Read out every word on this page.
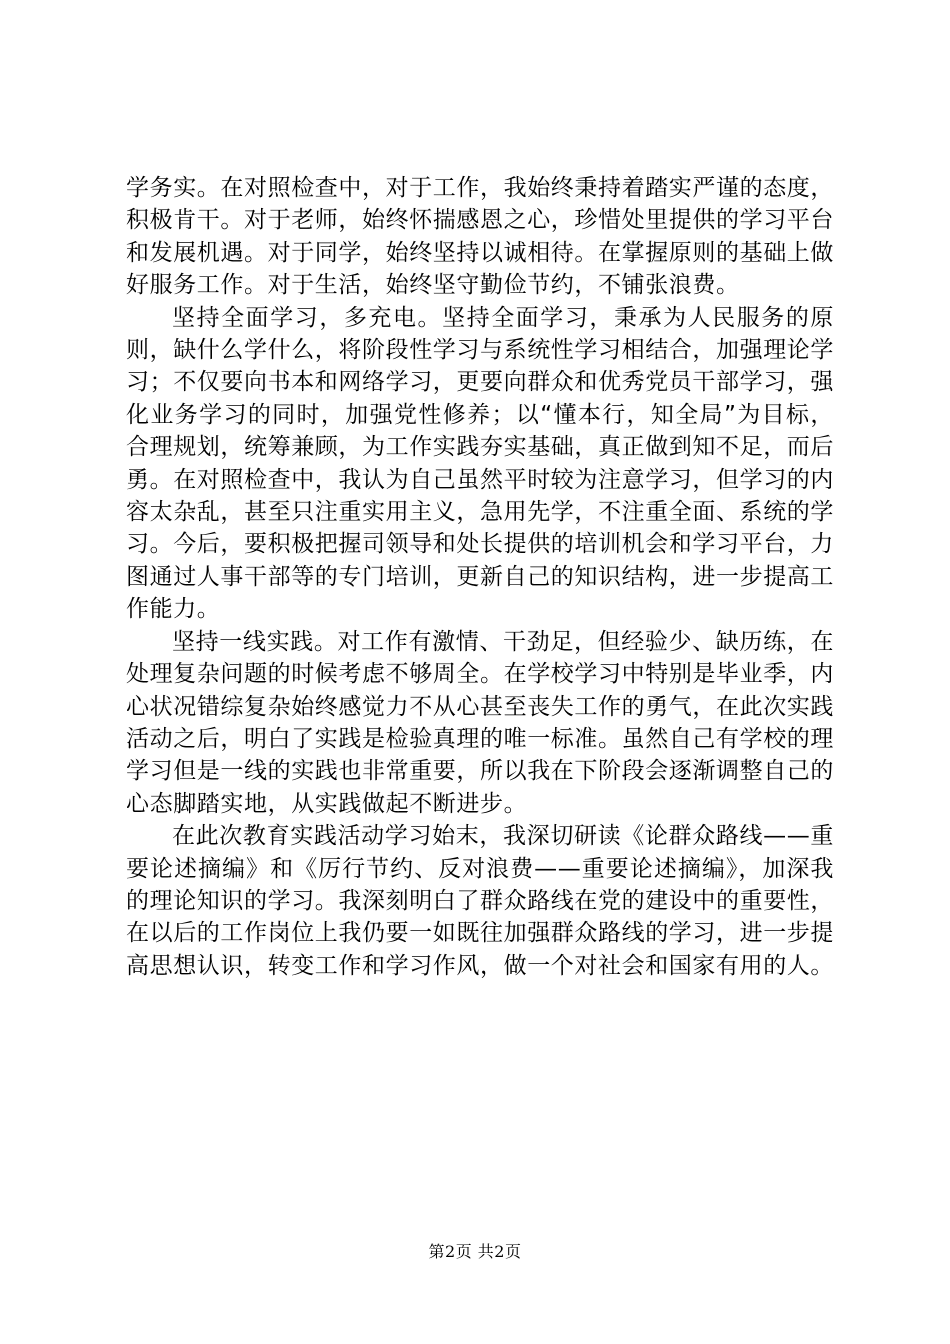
学务实。在对照检查中，对于工作，我始终秉持着踏实严谨的态度，积极肯干。对于老师，始终怀揣感恩之心，珍惜处里提供的学习平台和发展机遇。对于同学，始终坚持以诚相待。在掌握原则的基础上做好服务工作。对于生活，始终坚守勤俭节约，不铺张浪费。

坚持全面学习，多充电。坚持全面学习，秉承为人民服务的原则，缺什么学什么，将阶段性学习与系统性学习相结合，加强理论学习；不仅要向书本和网络学习，更要向群众和优秀党员干部学习，强化业务学习的同时，加强党性修养；以“懂本行，知全局”为目标，合理规划，统筹兼顾，为工作实践夯实基础，真正做到知不足，而后勇。在对照检查中，我认为自己虽然平时较为注意学习，但学习的内容太杂乱，甚至只注重实用主义，急用先学，不注重全面、系统的学习。今后，要积极把握司领导和处长提供的培训机会和学习平台，力图通过人事干部等的专门培训，更新自己的知识结构，进一步提高工作能力。

坚持一线实践。对工作有激情、干劲足，但经验少、缺历练，在处理复杂问题的时候考虑不够周全。在学校学习中特别是毕业季，内心状况错综复杂始终感觉力不从心甚至丧失工作的勇气，在此次实践活动之后，明白了实践是检验真理的唯一标准。虽然自己有学校的理学习但是一线的实践也非常重要，所以我在下阶段会逐渐调整自己的心态脚踏实地，从实践做起不断进步。

在此次教育实践活动学习始末，我深切研读《论群众路线——重要论述摘编》和《厉行节约、反对浪费——重要论述摘编》，加深我的理论知识的学习。我深刻明白了群众路线在党的建设中的重要性，在以后的工作岗位上我仍要一如既往加强群众路线的学习，进一步提高思想认识，转变工作和学习作风，做一个对社会和国家有用的人。

第2页 共2页
